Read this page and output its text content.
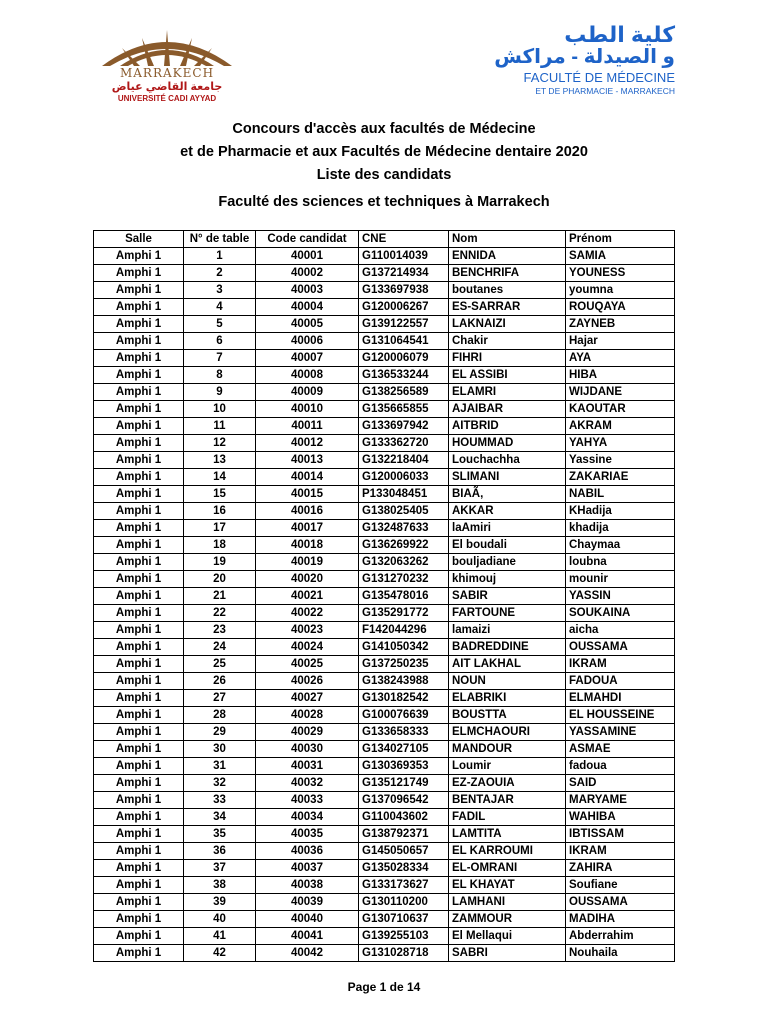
MARRAKECH
جامعة القاضي عياض
UNIVERSITÉ CADI AYYAD
كلية الطب
و الصيدلة - مراكش
FACULTÉ DE MÉDECINE
ET DE PHARMACIE - MARRAKECH
Concours d'accès aux facultés de Médecine
et de Pharmacie et aux Facultés de Médecine dentaire 2020
Liste des candidats
Faculté des sciences et techniques à Marrakech
Salle	N° de table	Code candidat	CNE	Nom	Prénom
Amphi 1	1	40001	G110014039	ENNIDA	SAMIA
Amphi 1	2	40002	G137214934	BENCHRIFA	YOUNESS
Amphi 1	3	40003	G133697938	boutanes	youmna
Amphi 1	4	40004	G120006267	ES-SARRAR	ROUQAYA
Amphi 1	5	40005	G139122557	LAKNAIZI	ZAYNEB
Amphi 1	6	40006	G131064541	Chakir	Hajar
Amphi 1	7	40007	G120006079	FIHRI	AYA
Amphi 1	8	40008	G136533244	EL ASSIBI	HIBA
Amphi 1	9	40009	G138256589	ELAMRI	WIJDANE
Amphi 1	10	40010	G135665855	AJAIBAR	KAOUTAR
Amphi 1	11	40011	G133697942	AITBRID	AKRAM
Amphi 1	12	40012	G133362720	HOUMMAD	YAHYA
Amphi 1	13	40013	G132218404	Louchachha	Yassine
Amphi 1	14	40014	G120006033	SLIMANI	ZAKARIAE
Amphi 1	15	40015	P133048451	BIAÃ,	NABIL
Amphi 1	16	40016	G138025405	AKKAR	KHadija
Amphi 1	17	40017	G132487633	laAmiri	khadija
Amphi 1	18	40018	G136269922	El boudali	Chaymaa
Amphi 1	19	40019	G132063262	bouljadiane	loubna
Amphi 1	20	40020	G131270232	khimouj	mounir
Amphi 1	21	40021	G135478016	SABIR	YASSIN
Amphi 1	22	40022	G135291772	FARTOUNE	SOUKAINA
Amphi 1	23	40023	F142044296	lamaizi	aicha
Amphi 1	24	40024	G141050342	BADREDDINE	OUSSAMA
Amphi 1	25	40025	G137250235	AIT LAKHAL	IKRAM
Amphi 1	26	40026	G138243988	NOUN	FADOUA
Amphi 1	27	40027	G130182542	ELABRIKI	ELMAHDI
Amphi 1	28	40028	G100076639	BOUSTTA	EL HOUSSEINE
Amphi 1	29	40029	G133658333	ELMCHAOURI	YASSAMINE
Amphi 1	30	40030	G134027105	MANDOUR	ASMAE
Amphi 1	31	40031	G130369353	Loumir	fadoua
Amphi 1	32	40032	G135121749	EZ-ZAOUIA	SAID
Amphi 1	33	40033	G137096542	BENTAJAR	MARYAME
Amphi 1	34	40034	G110043602	FADIL	WAHIBA
Amphi 1	35	40035	G138792371	LAMTITA	IBTISSAM
Amphi 1	36	40036	G145050657	EL KARROUMI	IKRAM
Amphi 1	37	40037	G135028334	EL-OMRANI	ZAHIRA
Amphi 1	38	40038	G133173627	EL KHAYAT	Soufiane
Amphi 1	39	40039	G130110200	LAMHANI	OUSSAMA
Amphi 1	40	40040	G130710637	ZAMMOUR	MADIHA
Amphi 1	41	40041	G139255103	El Mellaqui	Abderrahim
Amphi 1	42	40042	G131028718	SABRI	Nouhaila
Page 1 de 14
